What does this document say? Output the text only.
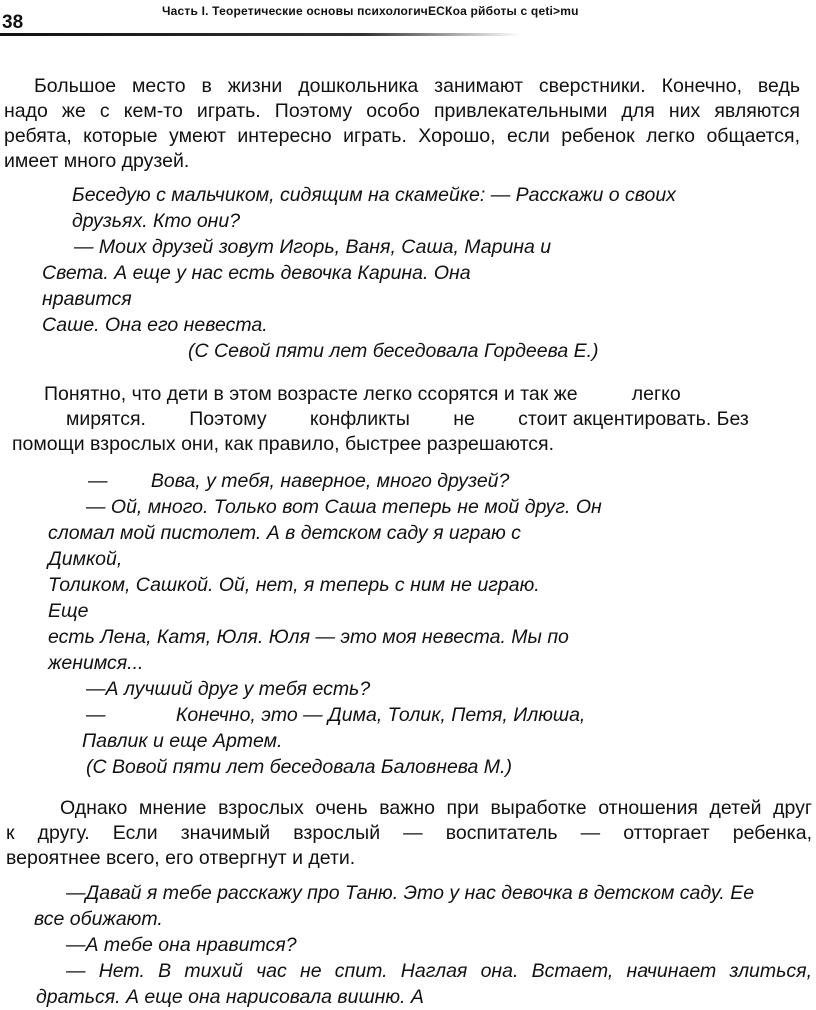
38
Часть I. Теоретические основы психологичЕСКоа рйботы с qeti>mu
Большое место в жизни дошкольника занимают сверстники. Конечно, ведь
надо же с кем-то играть. Поэтому особо привлекательными для них являются
ребята, которые умеют интересно играть. Хорошо, если ребенок легко общается,
имеет много друзей.
Беседую с мальчиком, сидящим на скамейке: — Расскажи о своих
друзьях. Кто они?
— Моих друзей зовут Игорь, Ваня, Саша, Марина и
Света. А еще у нас есть девочка Карина. Она
нравится
Саше. Она его невеста.
(С Севой пяти лет беседовала Гордеева Е.)
Понятно, что дети в этом возрасте легко ссорятся и так же          легко
мирятся.        Поэтому        конфликты        не        стоит акцентировать. Без
помощи взрослых они, как правило, быстрее разрешаются.
—        Вова, у тебя, наверное, много друзей?
— Ой, много. Только вот Саша теперь не мой друг. Он
сломал мой пистолет. А в детском саду я играю с
Димкой,
Толиком, Сашкой. Ой, нет, я теперь с ним не играю.
Еще
есть Лена, Катя, Юля. Юля — это моя невеста. Мы по
женимся...
—А лучший друг у тебя есть?
—             Конечно, это — Дима, Толик, Петя, Илюша,
Павлик и еще Артем.
(С Вовой пяти лет беседовала Баловнева М.)
Однако мнение взрослых очень важно при выработке отношения детей друг
к другу. Если значимый взрослый — воспитатель — отторгает ребенка,
вероятнее всего, его отвергнут и дети.
—Давай я тебе расскажу про Таню. Это у нас девочка в детском саду. Ее
все обижают.
—А тебе она нравится?
— Нет. В тихий час не спит. Наглая она. Встает, начинает злиться,
драться. А еще она нарисовала вишню. А
